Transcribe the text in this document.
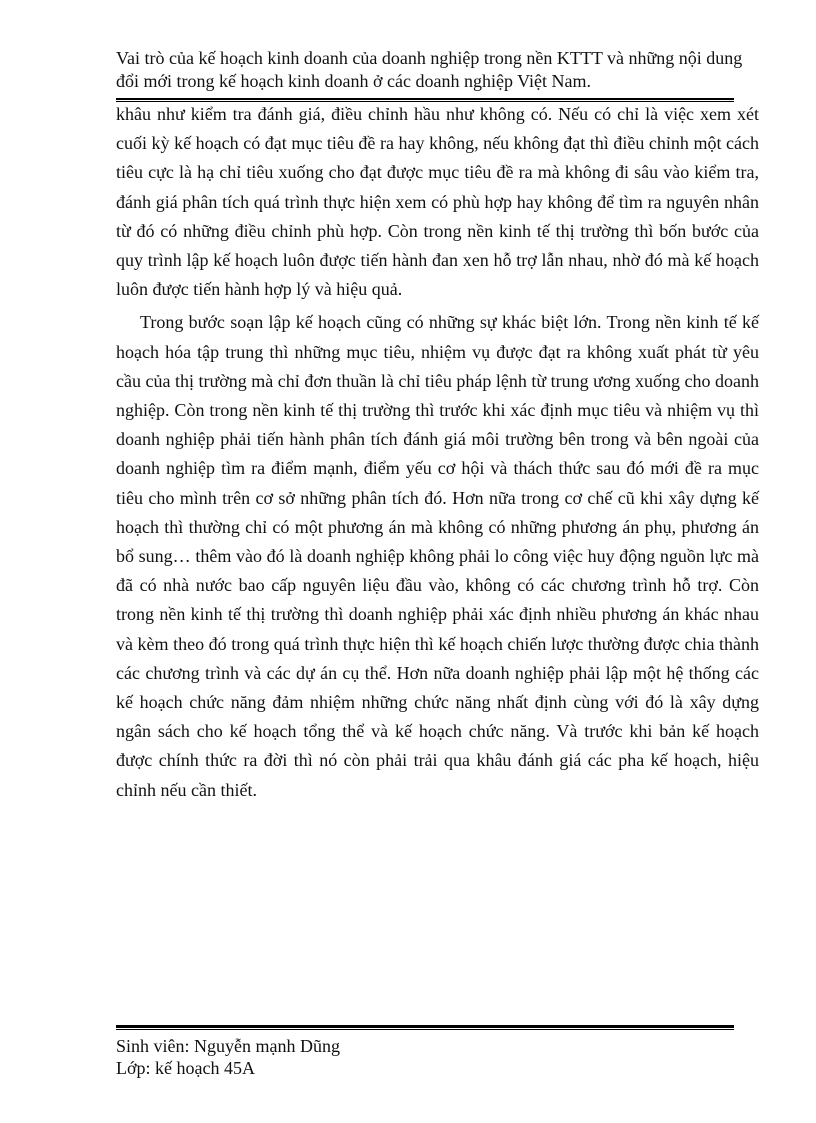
Vai trò của kế hoạch kinh doanh của doanh nghiệp trong nền KTTT và những nội dung đổi mới trong kế hoạch kinh doanh ở các doanh nghiệp Việt Nam.

khâu như kiểm tra đánh giá, điều chỉnh hầu như không có. Nếu có chỉ là việc xem xét cuối kỳ kế hoạch có đạt mục tiêu đề ra hay không, nếu không đạt thì điều chỉnh một cách tiêu cực là hạ chỉ tiêu xuống cho đạt được mục tiêu đề ra mà không đi sâu vào kiểm tra, đánh giá phân tích quá trình thực hiện xem có phù hợp hay không để tìm ra nguyên nhân từ đó có những điều chỉnh phù hợp. Còn trong nền kinh tế thị trường thì bốn bước của quy trình lập kế hoạch luôn được tiến hành đan xen hỗ trợ lẫn nhau, nhờ đó mà kế hoạch luôn được tiến hành hợp lý và hiệu quả.

Trong bước soạn lập kế hoạch cũng có những sự khác biệt lớn. Trong nền kinh tế kế hoạch hóa tập trung thì những mục tiêu, nhiệm vụ được đạt ra không xuất phát từ yêu cầu của thị trường mà chỉ đơn thuần là chỉ tiêu pháp lệnh từ trung ương xuống cho doanh nghiệp. Còn trong nền kinh tế thị trường thì trước khi xác định mục tiêu và nhiệm vụ thì doanh nghiệp phải tiến hành phân tích đánh giá môi trường bên trong và bên ngoài của doanh nghiệp tìm ra điểm mạnh, điểm yếu cơ hội và thách thức sau đó mới đề ra mục tiêu cho mình trên cơ sở những phân tích đó. Hơn nữa trong cơ chế cũ khi xây dựng kế hoạch thì thường chỉ có một phương án mà không có những phương án phụ, phương án bổ sung… thêm vào đó là doanh nghiệp không phải lo công việc huy động nguồn lực mà đã có nhà nước bao cấp nguyên liệu đầu vào, không có các chương trình hỗ trợ. Còn trong nền kinh tế thị trường thì doanh nghiệp phải xác định nhiều phương án khác nhau và kèm theo đó trong quá trình thực hiện thì kế hoạch chiến lược thường được chia thành các chương trình và các dự án cụ thể. Hơn nữa doanh nghiệp phải lập một hệ thống các kế hoạch chức năng đảm nhiệm những chức năng nhất định cùng với đó là xây dựng ngân sách cho kế hoạch tổng thể và kế hoạch chức năng. Và trước khi bản kế hoạch được chính thức ra đời thì nó còn phải trải qua khâu đánh giá các pha kế hoạch, hiệu chỉnh nếu cần thiết.

Sinh viên: Nguyễn mạnh Dũng
Lớp: kế hoạch 45A
